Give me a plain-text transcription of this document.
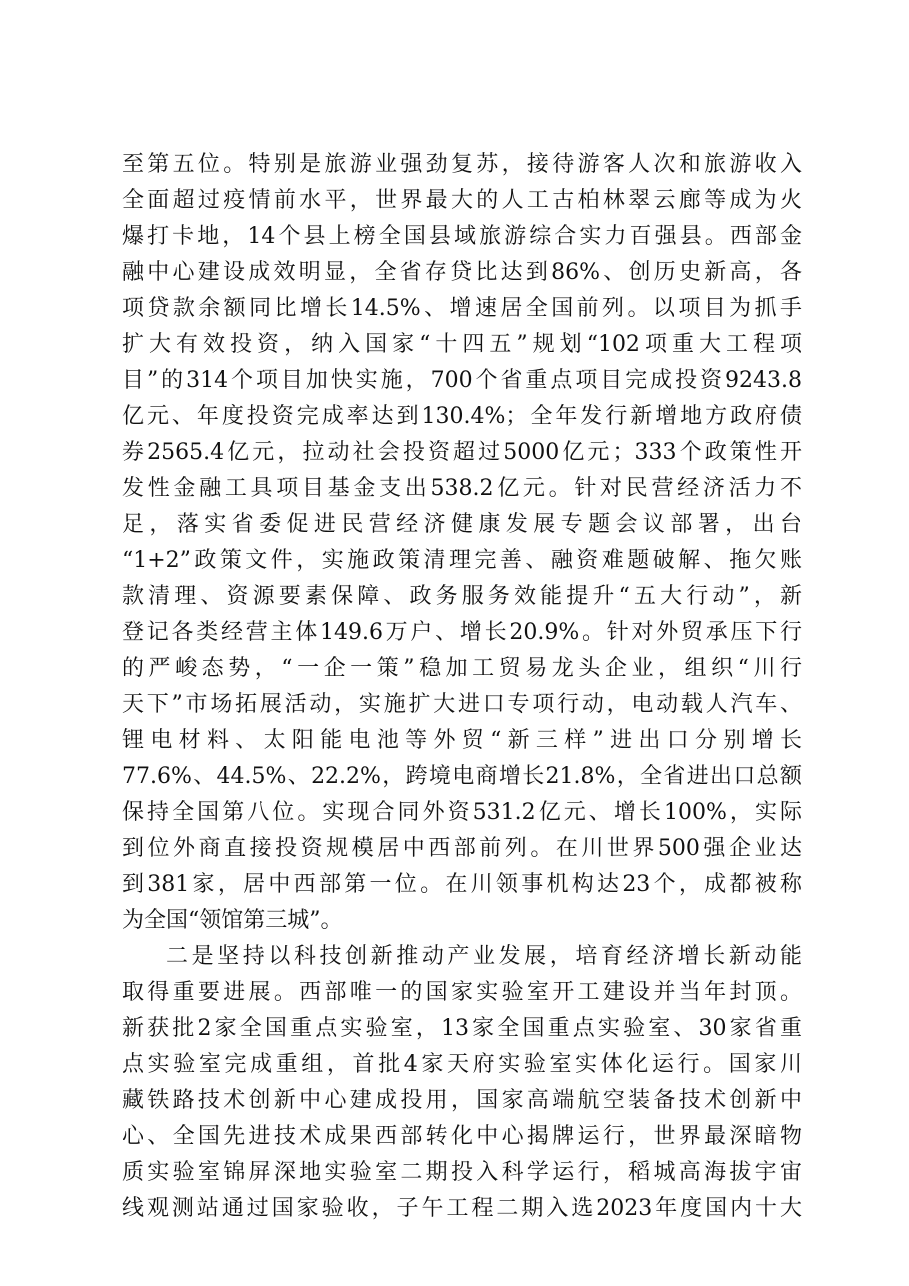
至第五位。特别是旅游业强劲复苏，接待游客人次和旅游收入
全面超过疫情前水平，世界最大的人工古柏林翠云廊等成为火
爆打卡地，14个县上榜全国县域旅游综合实力百强县。西部金
融中心建设成效明显，全省存贷比达到86%、创历史新高，各
项贷款余额同比增长14.5%、增速居全国前列。以项目为抓手
扩大有效投资，纳入国家“十四五”规划“102项重大工程项
目”的314个项目加快实施，700个省重点项目完成投资9243.8
亿元、年度投资完成率达到130.4%；全年发行新增地方政府债
券2565.4亿元，拉动社会投资超过5000亿元；333个政策性开
发性金融工具项目基金支出538.2亿元。针对民营经济活力不
足，落实省委促进民营经济健康发展专题会议部署，出台
“1+2”政策文件，实施政策清理完善、融资难题破解、拖欠账
款清理、资源要素保障、政务服务效能提升“五大行动”，新
登记各类经营主体149.6万户、增长20.9%。针对外贸承压下行
的严峻态势，“一企一策”稳加工贸易龙头企业，组织“川行
天下”市场拓展活动，实施扩大进口专项行动，电动载人汽车、
锂电材料、太阳能电池等外贸“新三样”进出口分别增长
77.6%、44.5%、22.2%，跨境电商增长21.8%，全省进出口总额
保持全国第八位。实现合同外资531.2亿元、增长100%，实际
到位外商直接投资规模居中西部前列。在川世界500强企业达
到381家，居中西部第一位。在川领事机构达23个，成都被称
为全国“领馆第三城”。
二是坚持以科技创新推动产业发展，培育经济增长新动能
取得重要进展。西部唯一的国家实验室开工建设并当年封顶。
新获批2家全国重点实验室，13家全国重点实验室、30家省重
点实验室完成重组，首批4家天府实验室实体化运行。国家川
藏铁路技术创新中心建成投用，国家高端航空装备技术创新中
心、全国先进技术成果西部转化中心揭牌运行，世界最深暗物
质实验室锦屏深地实验室二期投入科学运行，稻城高海拔宇宙
线观测站通过国家验收，子午工程二期入选2023年度国内十大
